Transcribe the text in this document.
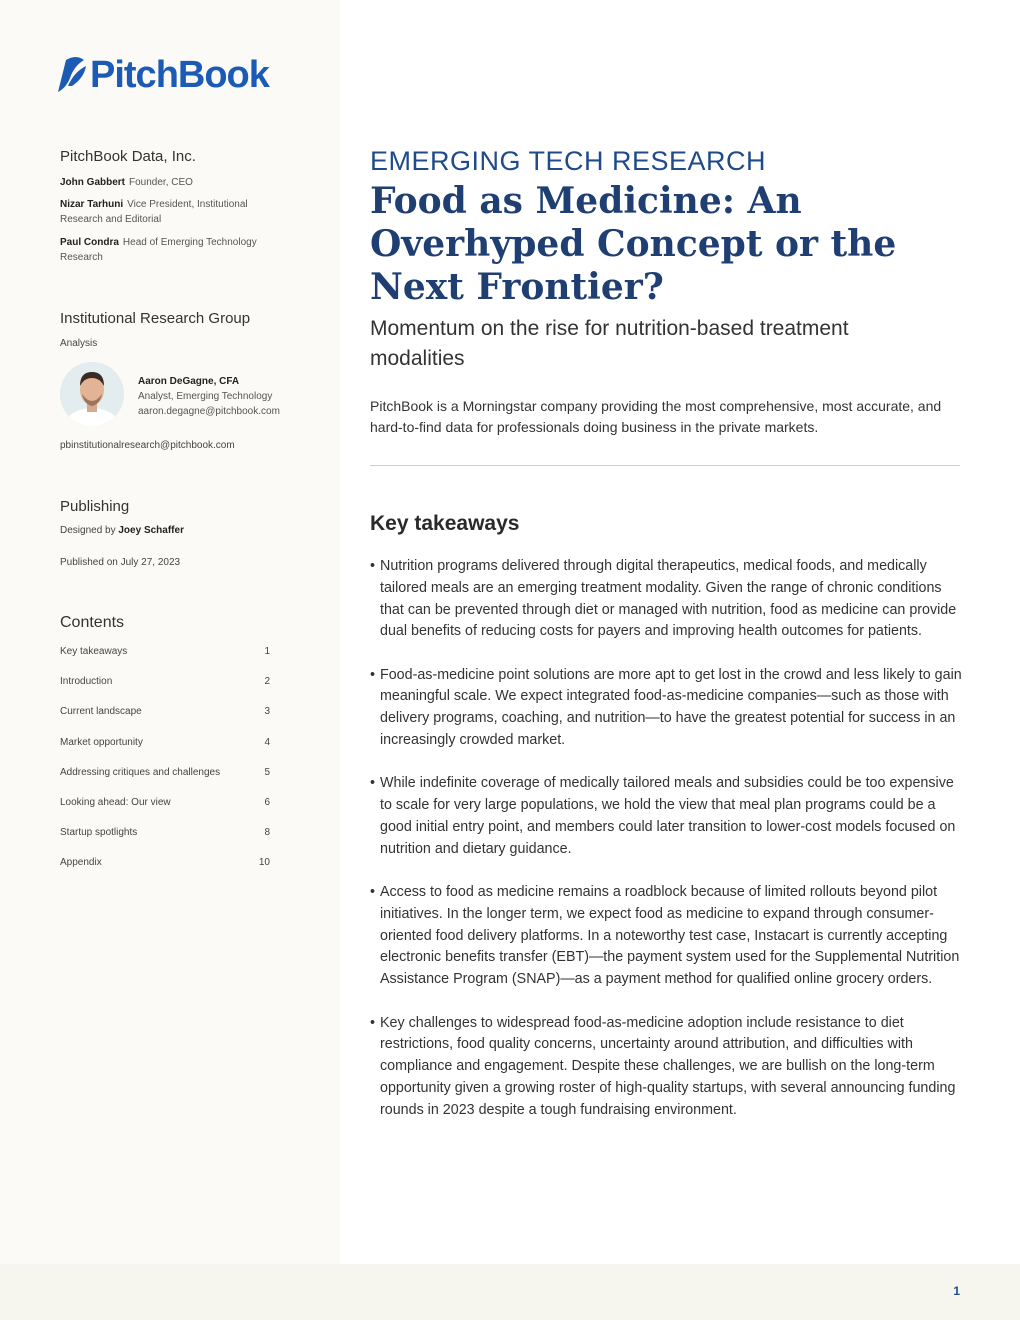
1
PitchBook
PitchBook Data, Inc.
John Gabbert Founder, CEO
Nizar Tarhuni Vice President, Institutional Research and Editorial
Paul Condra Head of Emerging Technology Research
Institutional Research Group
Analysis
Aaron DeGagne, CFA
Analyst, Emerging Technology
aaron.degagne@pitchbook.com
pbinstitutionalresearch@pitchbook.com
Publishing
Designed by Joey Schaffer
Published on July 27, 2023
Contents
Key takeaways	1
Introduction	2
Current landscape	3
Market opportunity	4
Addressing critiques and challenges	5
Looking ahead: Our view	6
Startup spotlights	8
Appendix	10
EMERGING TECH RESEARCH
Food as Medicine: An Overhyped Concept or the Next Frontier?
Momentum on the rise for nutrition-based treatment modalities
PitchBook is a Morningstar company providing the most comprehensive, most accurate, and hard-to-find data for professionals doing business in the private markets.
Key takeaways
• Nutrition programs delivered through digital therapeutics, medical foods, and medically tailored meals are an emerging treatment modality. Given the range of chronic conditions that can be prevented through diet or managed with nutrition, food as medicine can provide dual benefits of reducing costs for payers and improving health outcomes for patients.
• Food-as-medicine point solutions are more apt to get lost in the crowd and less likely to gain meaningful scale. We expect integrated food-as-medicine companies—such as those with delivery programs, coaching, and nutrition—to have the greatest potential for success in an increasingly crowded market.
• While indefinite coverage of medically tailored meals and subsidies could be too expensive to scale for very large populations, we hold the view that meal plan programs could be a good initial entry point, and members could later transition to lower-cost models focused on nutrition and dietary guidance.
• Access to food as medicine remains a roadblock because of limited rollouts beyond pilot initiatives. In the longer term, we expect food as medicine to expand through consumer-oriented food delivery platforms. In a noteworthy test case, Instacart is currently accepting electronic benefits transfer (EBT)—the payment system used for the Supplemental Nutrition Assistance Program (SNAP)—as a payment method for qualified online grocery orders.
• Key challenges to widespread food-as-medicine adoption include resistance to diet restrictions, food quality concerns, uncertainty around attribution, and difficulties with compliance and engagement. Despite these challenges, we are bullish on the long-term opportunity given a growing roster of high-quality startups, with several announcing funding rounds in 2023 despite a tough fundraising environment.
